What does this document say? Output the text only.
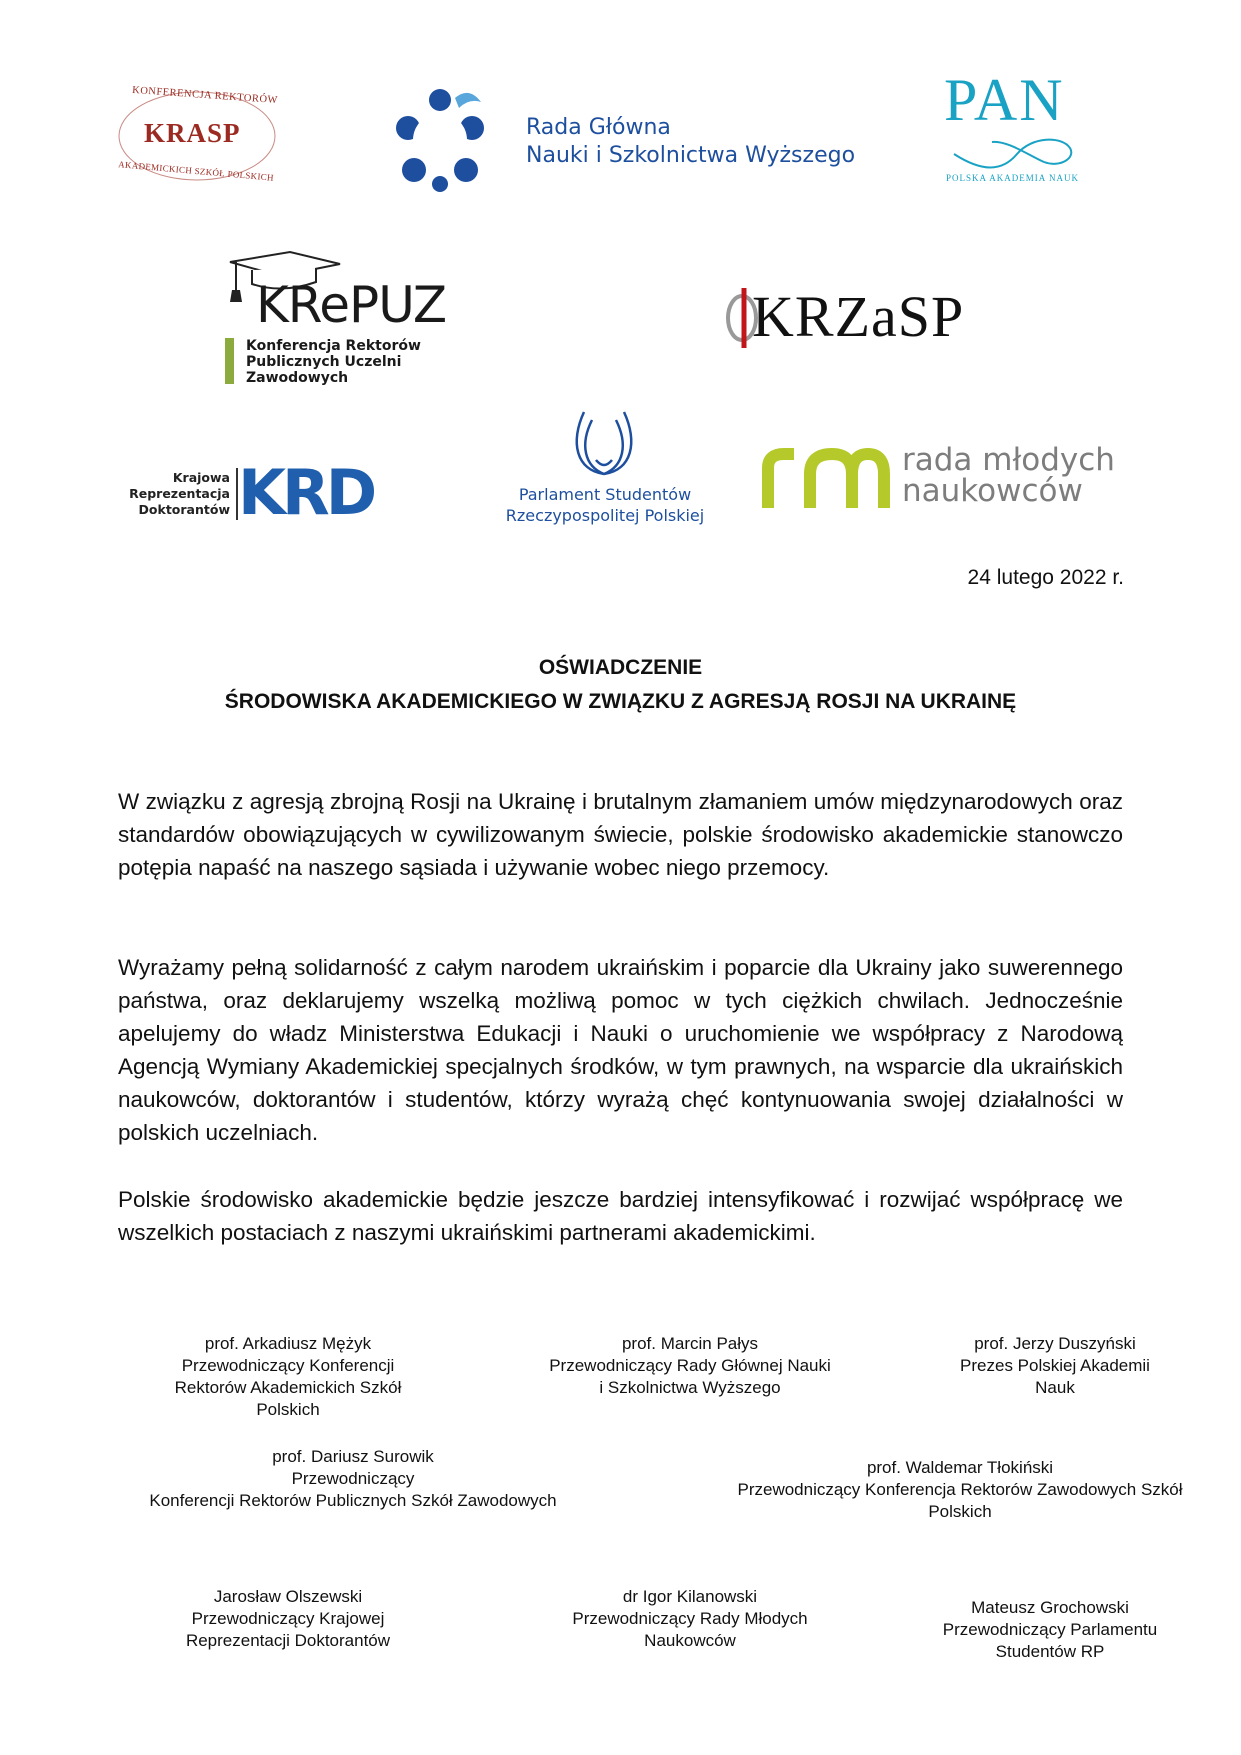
KONFERENCJA REKTORÓW
KRASP
AKADEMICKICH SZKÓŁ POLSKICH
Rada Główna
Nauki i Szkolnictwa Wyższego
PAN
POLSKA AKADEMIA NAUK
KRePUZ
Konferencja Rektorów
Publicznych Uczelni
Zawodowych
KRZaSP
Krajowa
Reprezentacja
Doktorantów KRD	Parlament Studentów
Rzeczypospolitej Polskiej
rada młodych
naukowców
24 lutego 2022 r.
OŚWIADCZENIE
ŚRODOWISKA AKADEMICKIEGO W ZWIĄZKU Z AGRESJĄ ROSJI NA UKRAINĘ
W związku z agresją zbrojną Rosji na Ukrainę i brutalnym złamaniem umów międzynarodowych oraz standardów obowiązujących w cywilizowanym świecie, polskie środowisko akademickie stanowczo potępia napaść na naszego sąsiada i używanie wobec niego przemocy.
Wyrażamy pełną solidarność z całym narodem ukraińskim i poparcie dla Ukrainy jako suwerennego państwa, oraz deklarujemy wszelką możliwą pomoc w tych ciężkich chwilach. Jednocześnie apelujemy do władz Ministerstwa Edukacji i Nauki o uruchomienie we współpracy z Narodową Agencją Wymiany Akademickiej specjalnych środków, w tym prawnych, na wsparcie dla ukraińskich naukowców, doktorantów i studentów, którzy wyrażą chęć kontynuowania swojej działalności w polskich uczelniach.
Polskie środowisko akademickie będzie jeszcze bardziej intensyfikować i rozwijać współpracę we wszelkich postaciach z naszymi ukraińskimi partnerami akademickimi.
prof. Arkadiusz Mężyk
Przewodniczący Konferencji
Rektorów Akademickich Szkół
Polskich
prof. Marcin Pałys
Przewodniczący Rady Głównej Nauki
i Szkolnictwa Wyższego
prof. Jerzy Duszyński
Prezes Polskiej Akademii
Nauk
prof. Dariusz Surowik
Przewodniczący
Konferencji Rektorów Publicznych Szkół Zawodowych
prof. Waldemar Tłokiński
Przewodniczący Konferencja Rektorów Zawodowych Szkół
Polskich
Jarosław Olszewski
Przewodniczący Krajowej
Reprezentacji Doktorantów
dr Igor Kilanowski
Przewodniczący Rady Młodych
Naukowców
Mateusz Grochowski
Przewodniczący Parlamentu
Studentów RP
